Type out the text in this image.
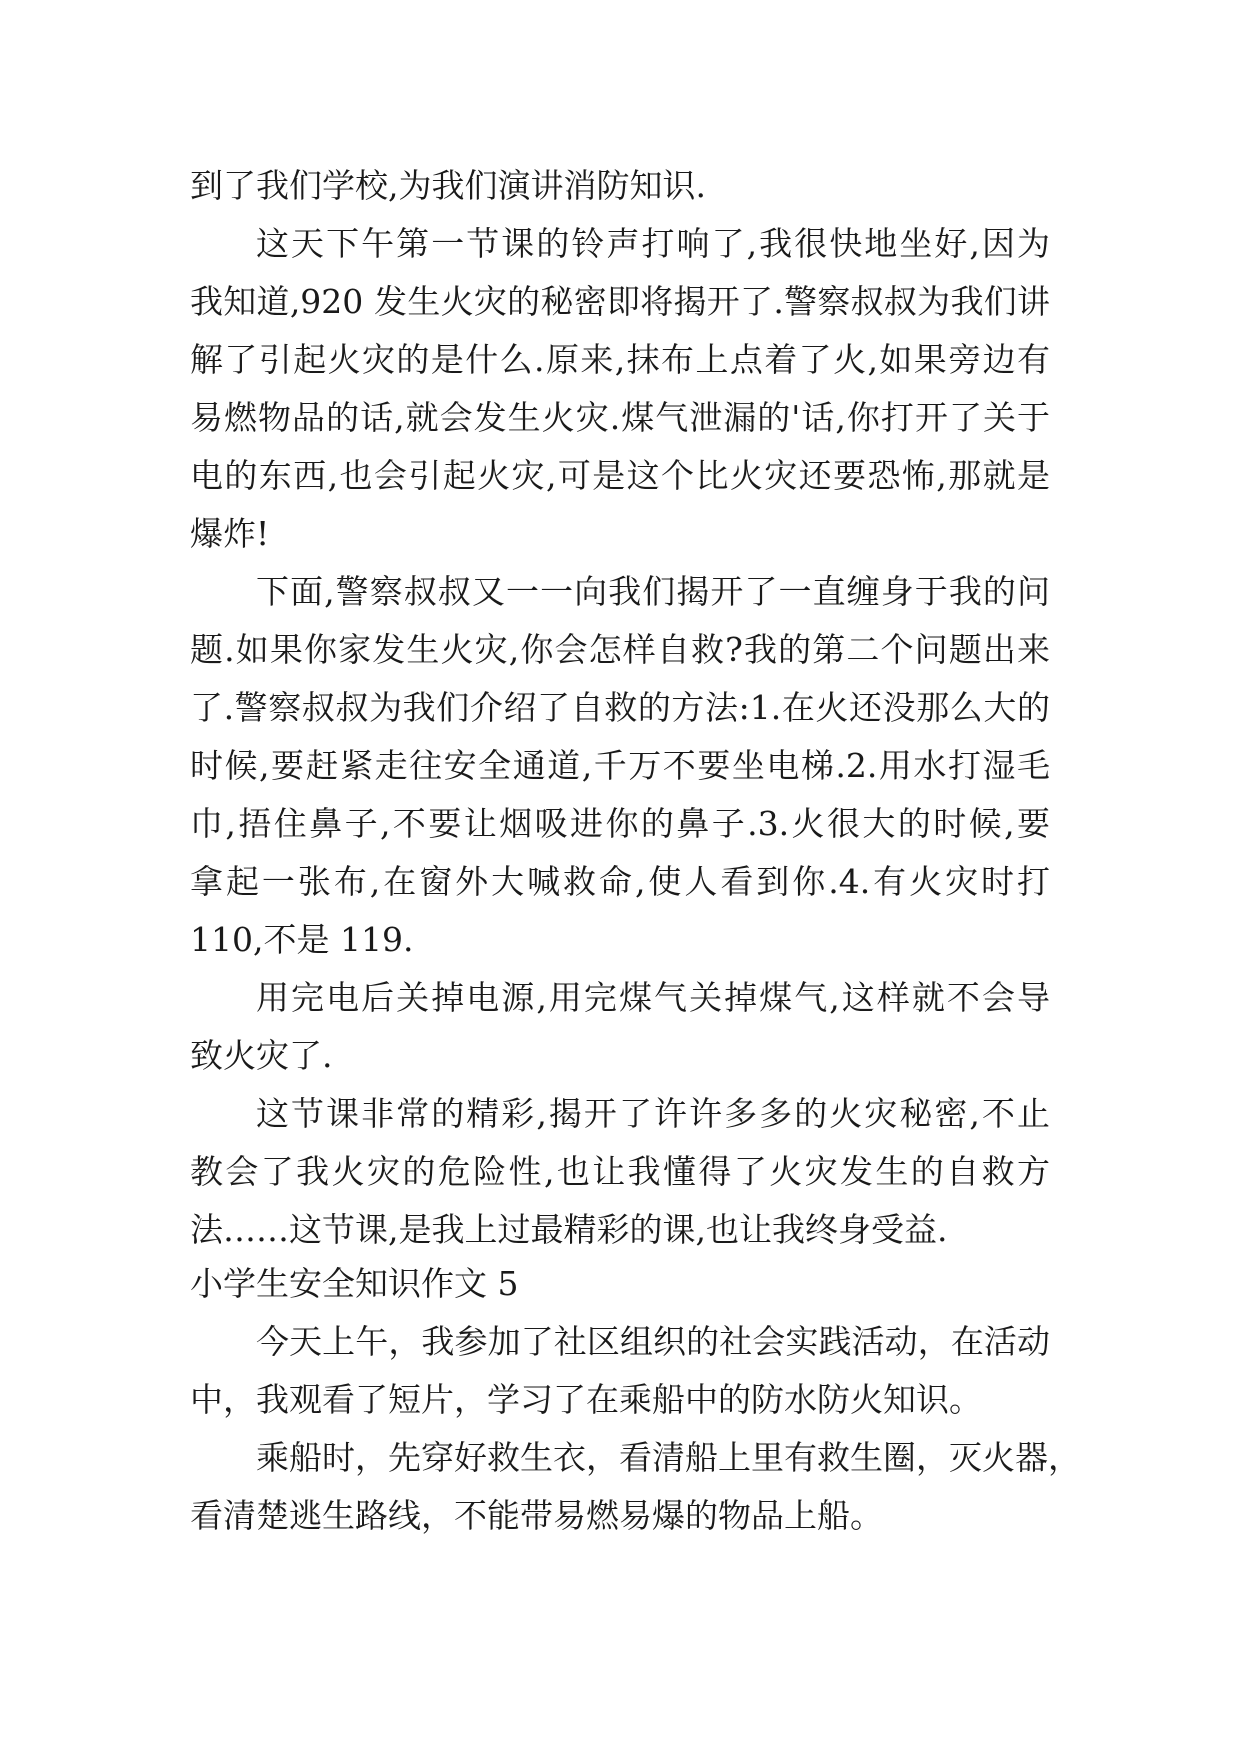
到了我们学校,为我们演讲消防知识.
这天下午第一节课的铃声打响了,我很快地坐好,因为
我知道,920 发生火灾的秘密即将揭开了.警察叔叔为我们讲
解了引起火灾的是什么.原来,抹布上点着了火,如果旁边有
易燃物品的话,就会发生火灾.煤气泄漏的'话,你打开了关于
电的东西,也会引起火灾,可是这个比火灾还要恐怖,那就是
爆炸!
下面,警察叔叔又一一向我们揭开了一直缠身于我的问
题.如果你家发生火灾,你会怎样自救?我的第二个问题出来
了.警察叔叔为我们介绍了自救的方法:1.在火还没那么大的
时候,要赶紧走往安全通道,千万不要坐电梯.2.用水打湿毛
巾,捂住鼻子,不要让烟吸进你的鼻子.3.火很大的时候,要
拿起一张布,在窗外大喊救命,使人看到你.4.有火灾时打
110,不是 119.
用完电后关掉电源,用完煤气关掉煤气,这样就不会导
致火灾了.
这节课非常的精彩,揭开了许许多多的火灾秘密,不止
教会了我火灾的危险性,也让我懂得了火灾发生的自救方
法……这节课,是我上过最精彩的课,也让我终身受益.
小学生安全知识作文 5
今天上午，我参加了社区组织的社会实践活动，在活动
中，我观看了短片，学习了在乘船中的防水防火知识。
乘船时，先穿好救生衣，看清船上里有救生圈，灭火器，
看清楚逃生路线，不能带易燃易爆的物品上船。
